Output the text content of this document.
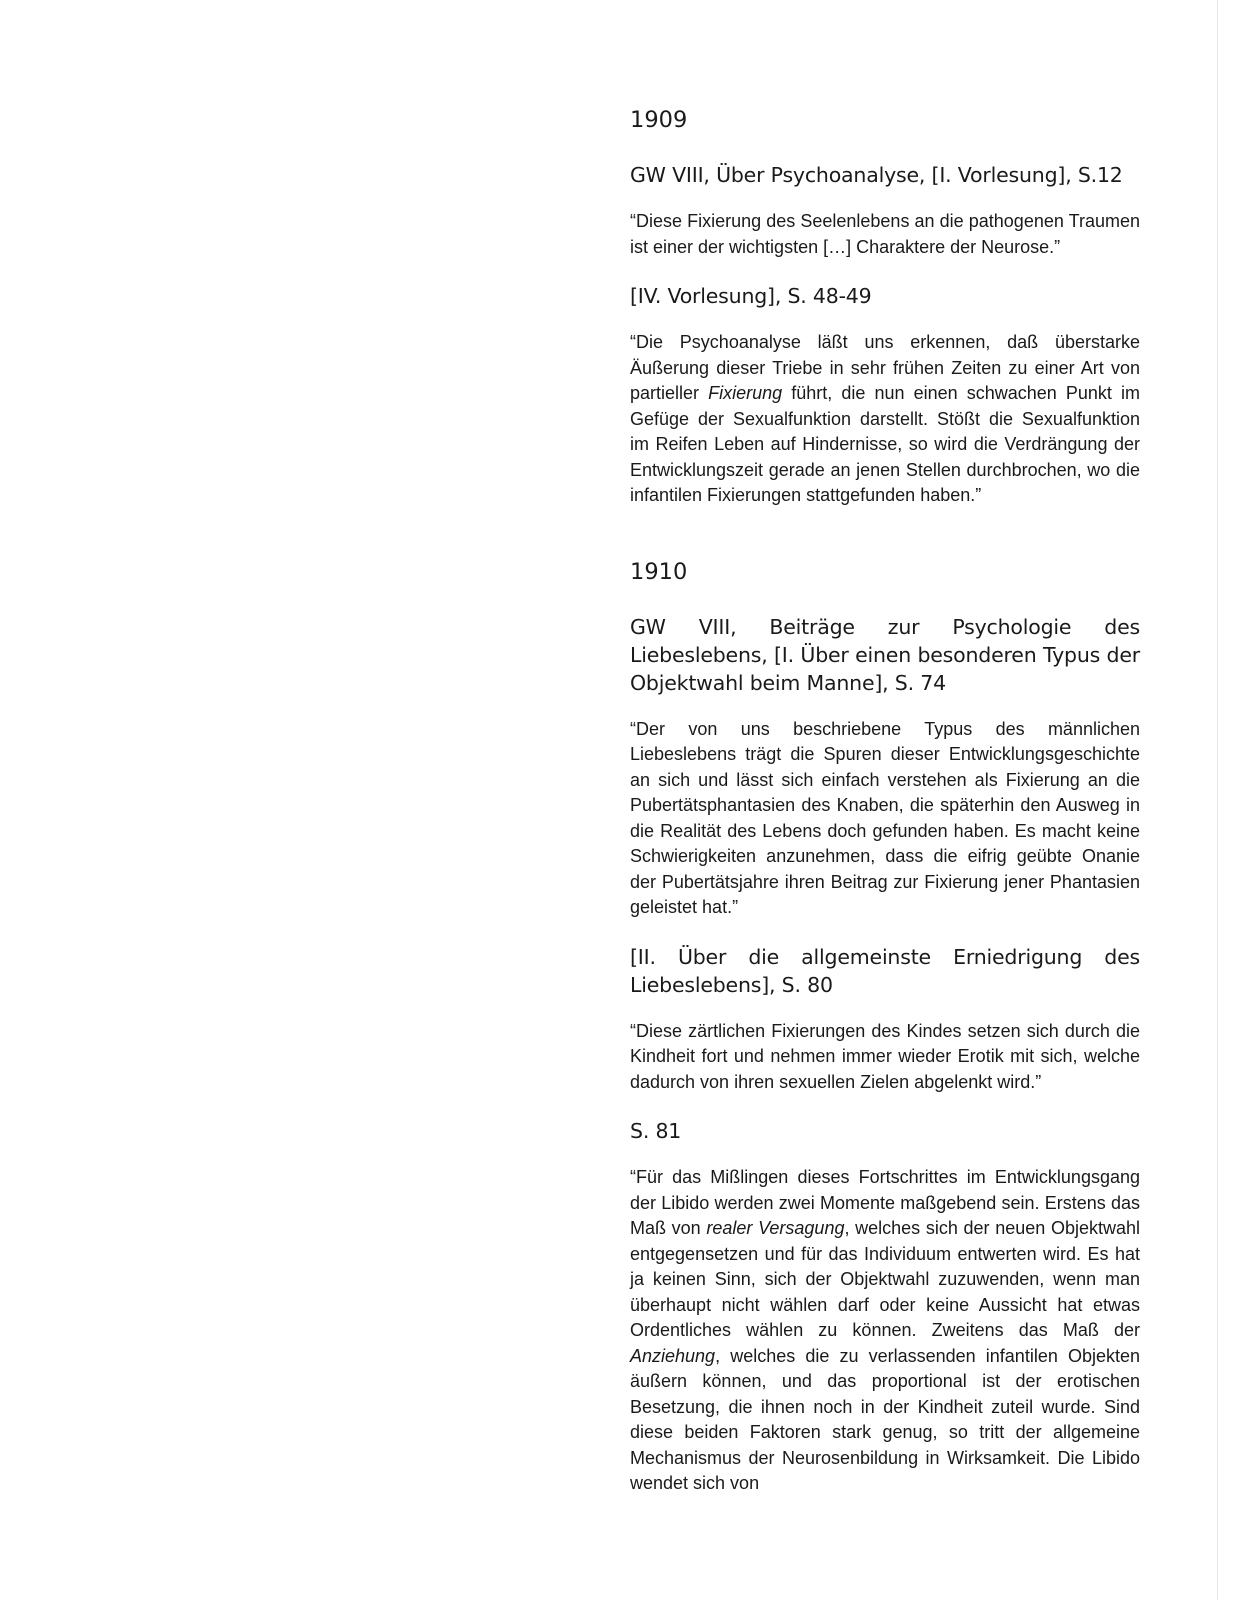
1909
GW VIII, Über Psychoanalyse, [I. Vorlesung], S.12

“Diese Fixierung des Seelenlebens an die pathogenen Traumen ist einer der wichtigsten […] Charaktere der Neurose.”

[IV. Vorlesung], S. 48-49

“Die Psychoanalyse läßt uns erkennen, daß überstarke Äußerung dieser Triebe in sehr frühen Zeiten zu einer Art von partieller Fixierung führt, die nun einen schwachen Punkt im Gefüge der Sexualfunktion darstellt. Stößt die Sexualfunktion im Reifen Leben auf Hindernisse, so wird die Verdrängung der Entwicklungszeit gerade an jenen Stellen durchbrochen, wo die infantilen Fixierungen stattgefunden haben.”

1910
GW VIII, Beiträge zur Psychologie des Liebeslebens, [I. Über einen besonderen Typus der Objektwahl beim Manne], S. 74

“Der von uns beschriebene Typus des männlichen Liebeslebens trägt die Spuren dieser Entwicklungsgeschichte an sich und lässt sich einfach verstehen als Fixierung an die Pubertätsphantasien des Knaben, die späterhin den Ausweg in die Realität des Lebens doch gefunden haben. Es macht keine Schwierigkeiten anzunehmen, dass die eifrig geübte Onanie der Pubertätsjahre ihren Beitrag zur Fixierung jener Phantasien geleistet hat.”

[II. Über die allgemeinste Erniedrigung des Liebeslebens], S. 80

“Diese zärtlichen Fixierungen des Kindes setzen sich durch die Kindheit fort und nehmen immer wieder Erotik mit sich, welche dadurch von ihren sexuellen Zielen abgelenkt wird.”

S. 81

“Für das Mißlingen dieses Fortschrittes im Entwicklungsgang der Libido werden zwei Momente maßgebend sein. Erstens das Maß von realer Versagung, welches sich der neuen Objektwahl entgegensetzen und für das Individuum entwerten wird. Es hat ja keinen Sinn, sich der Objektwahl zuzuwenden, wenn man überhaupt nicht wählen darf oder keine Aussicht hat etwas Ordentliches wählen zu können. Zweitens das Maß der Anziehung, welches die zu verlassenden infantilen Objekten äußern können, und das proportional ist der erotischen Besetzung, die ihnen noch in der Kindheit zuteil wurde. Sind diese beiden Faktoren stark genug, so tritt der allgemeine Mechanismus der Neurosenbildung in Wirksamkeit. Die Libido wendet sich von
